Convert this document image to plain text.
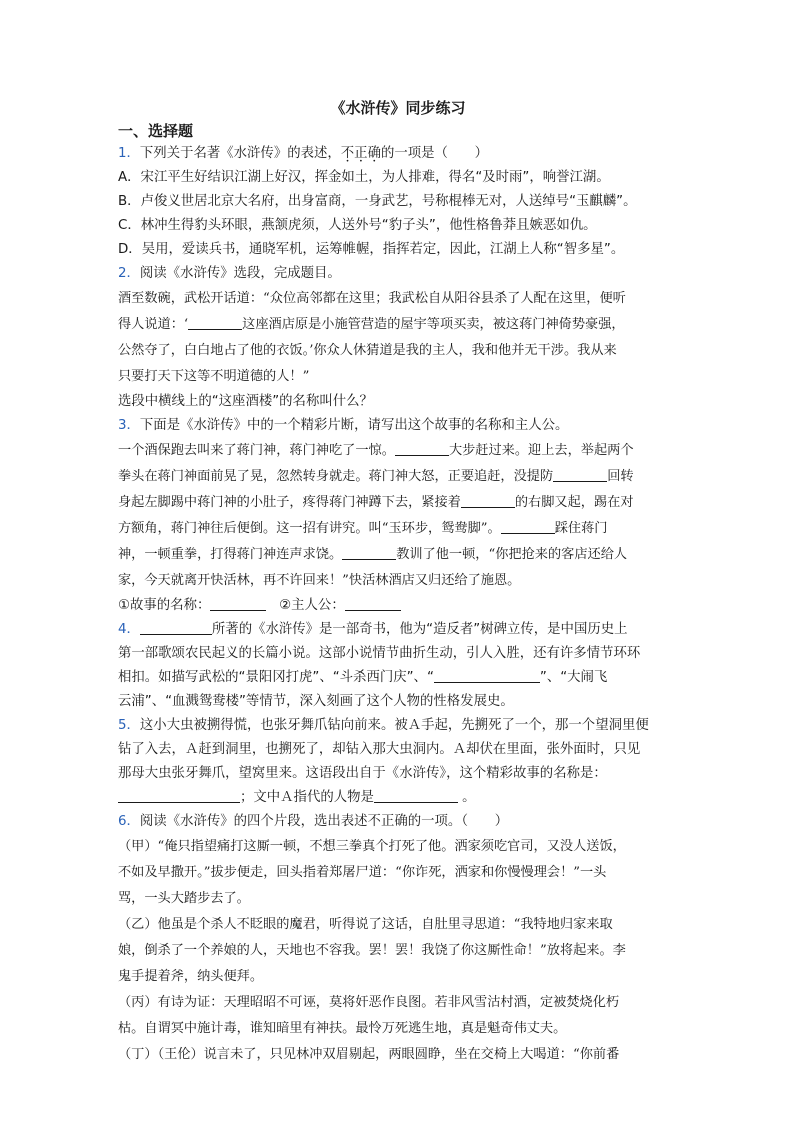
《水浒传》同步练习
一、选择题
1．下列关于名著《水浒传》的表述，不正确的一项是（　　）
A．宋江平生好结识江湖上好汉，挥金如土，为人排难，得名“及时雨”，响誉江湖。
B．卢俊义世居北京大名府，出身富商，一身武艺，号称棍棒无对，人送绰号“玉麒麟”。
C．林冲生得豹头环眼，燕颔虎须，人送外号“豹子头”，他性格鲁莽且嫉恶如仇。
D．吴用，爱读兵书，通晓军机，运筹帷幄，指挥若定，因此，江湖上人称“智多星”。
2．阅读《水浒传》选段，完成题目。
酒至数碗，武松开话道：“众位高邻都在这里；我武松自从阳谷县杀了人配在这里，便听
得人说道：‘	这座酒店原是小施管营造的屋宇等项买卖，被这蒋门神倚势豪强，
公然夺了，白白地占了他的衣饭。’你众人休猜道是我的主人，我和他并无干涉。我从来
只要打天下这等不明道德的人！”
选段中横线上的“这座酒楼”的名称叫什么？
3．下面是《水浒传》中的一个精彩片断，请写出这个故事的名称和主人公。
一个酒保跑去叫来了蒋门神，蒋门神吃了一惊。	大步赶过来。迎上去，举起两个
拳头在蒋门神面前晃了晃，忽然转身就走。蒋门神大怒，正要追赶，没提防	回转
身起左脚踢中蒋门神的小肚子，疼得蒋门神蹲下去，紧接着	的右脚又起，踢在对
方额角，蒋门神往后便倒。这一招有讲究。叫“玉环步，鸳鸯脚”。	踩住蒋门
神，一顿重拳，打得蒋门神连声求饶。	教训了他一顿，“你把抢来的客店还给人
家，今天就离开快活林，再不许回来！”快活林酒店又归还给了施恩。
①故事的名称：	②主人公：
4．	所著的《水浒传》是一部奇书，他为“造反者”树碑立传，是中国历史上
第一部歌颂农民起义的长篇小说。这部小说情节曲折生动，引人入胜，还有许多情节环环
相扣。如描写武松的“景阳冈打虎”、“斗杀西门庆”、“	”、“大闹飞
云浦”、“血溅鸳鸯楼”等情节，深入刻画了这个人物的性格发展史。
5．这小大虫被搠得慌，也张牙舞爪钻向前来。被Ａ手起，先搠死了一个，那一个望洞里便
钻了入去，Ａ赶到洞里，也搠死了，却钻入那大虫洞内。Ａ却伏在里面，张外面时，只见
那母大虫张牙舞爪，望窝里来。这语段出自于《水浒传》，这个精彩故事的名称是：
；文中Ａ指代的人物是	。
6．阅读《水浒传》的四个片段，选出表述不正确的一项。（　　）
（甲）“俺只指望痛打这厮一顿，不想三拳真个打死了他。洒家须吃官司，又没人送饭，
不如及早撒开。”拔步便走，回头指着郑屠尸道：“你诈死，洒家和你慢慢理会！”一头
骂，一头大踏步去了。
（乙）他虽是个杀人不眨眼的魔君，听得说了这话，自肚里寻思道：“我特地归家来取
娘，倒杀了一个养娘的人，天地也不容我。罢！罢！我饶了你这厮性命！”放将起来。李
鬼手提着斧，纳头便拜。
（丙）有诗为证：天理昭昭不可诬，莫将奸恶作良图。若非风雪沽村酒，定被焚烧化朽
枯。自谓冥中施计毒，谁知暗里有神扶。最怜万死逃生地，真是魁奇伟丈夫。
（丁）（王伦）说言未了，只见林冲双眉剔起，两眼圆睁，坐在交椅上大喝道：“你前番
